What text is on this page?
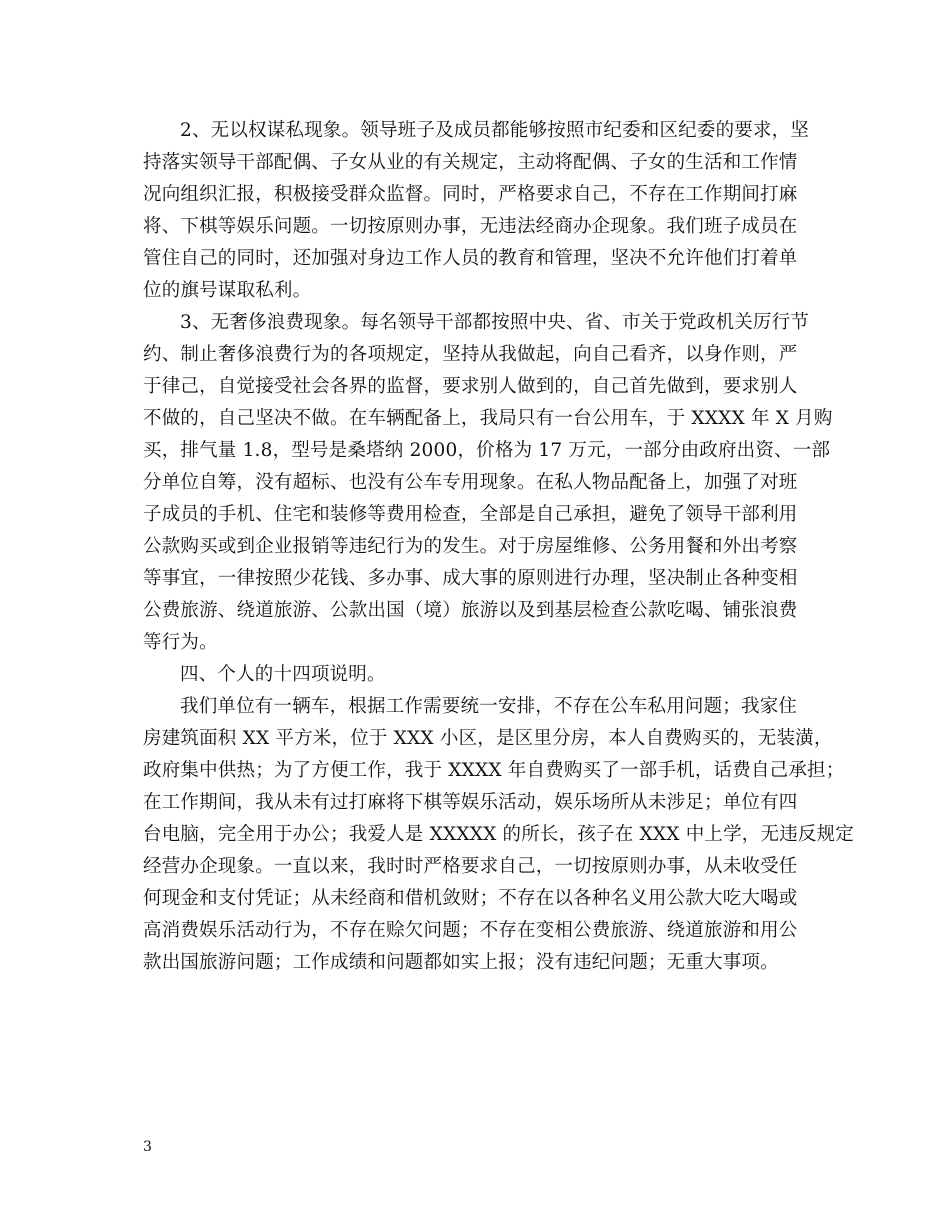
2、无以权谋私现象。领导班子及成员都能够按照市纪委和区纪委的要求，坚
持落实领导干部配偶、子女从业的有关规定，主动将配偶、子女的生活和工作情
况向组织汇报，积极接受群众监督。同时，严格要求自己，不存在工作期间打麻
将、下棋等娱乐问题。一切按原则办事，无违法经商办企现象。我们班子成员在
管住自己的同时，还加强对身边工作人员的教育和管理，坚决不允许他们打着单
位的旗号谋取私利。

3、无奢侈浪费现象。每名领导干部都按照中央、省、市关于党政机关厉行节
约、制止奢侈浪费行为的各项规定，坚持从我做起，向自己看齐，以身作则，严
于律己，自觉接受社会各界的监督，要求别人做到的，自己首先做到，要求别人
不做的，自己坚决不做。在车辆配备上，我局只有一台公用车，于 XXXX 年 X 月购
买，排气量 1.8，型号是桑塔纳 2000，价格为 17 万元，一部分由政府出资、一部
分单位自筹，没有超标、也没有公车专用现象。在私人物品配备上，加强了对班
子成员的手机、住宅和装修等费用检查，全部是自己承担，避免了领导干部利用
公款购买或到企业报销等违纪行为的发生。对于房屋维修、公务用餐和外出考察
等事宜，一律按照少花钱、多办事、成大事的原则进行办理，坚决制止各种变相
公费旅游、绕道旅游、公款出国（境）旅游以及到基层检查公款吃喝、铺张浪费
等行为。

四、个人的十四项说明。

我们单位有一辆车，根据工作需要统一安排，不存在公车私用问题；我家住
房建筑面积 XX 平方米，位于 XXX 小区，是区里分房，本人自费购买的，无装潢，
政府集中供热；为了方便工作，我于 XXXX 年自费购买了一部手机，话费自己承担；
在工作期间，我从未有过打麻将下棋等娱乐活动，娱乐场所从未涉足；单位有四
台电脑，完全用于办公；我爱人是 XXXXX 的所长，孩子在 XXX 中上学，无违反规定
经营办企现象。一直以来，我时时严格要求自己，一切按原则办事，从未收受任
何现金和支付凭证；从未经商和借机敛财；不存在以各种名义用公款大吃大喝或
高消费娱乐活动行为，不存在赊欠问题；不存在变相公费旅游、绕道旅游和用公
款出国旅游问题；工作成绩和问题都如实上报；没有违纪问题；无重大事项。

3
